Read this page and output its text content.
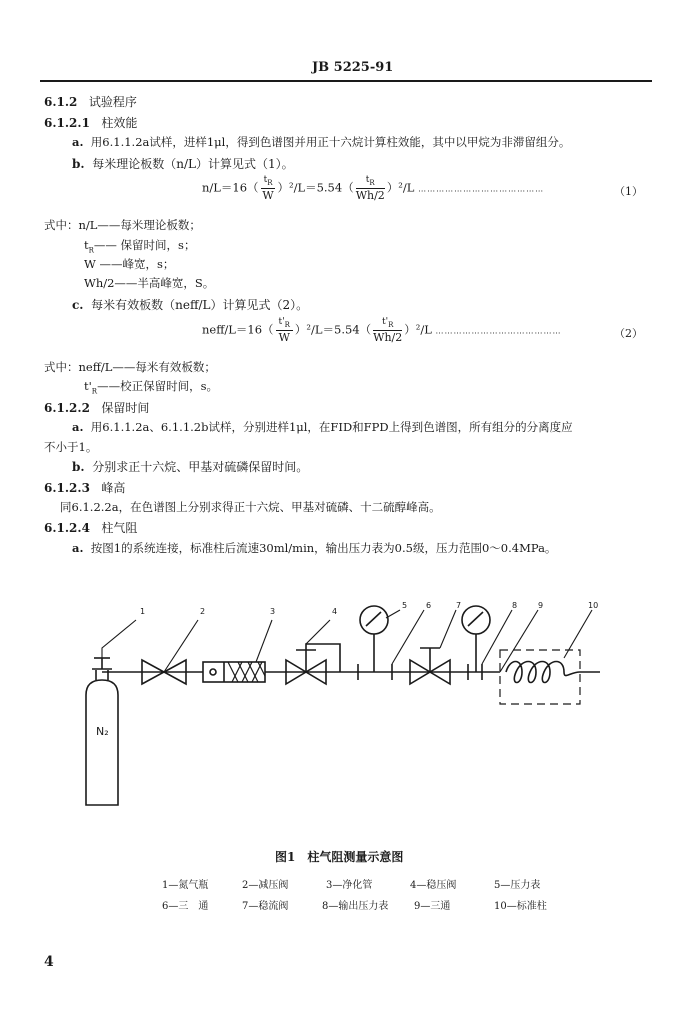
JB 5225-91
6.1.2 试验程序
6.1.2.1 柱效能
a. 用6.1.1.2a试样，进样1μl，得到色谱图并用正十六烷计算柱效能，其中以甲烷为非滞留组分。
b. 每米理论板数（n/L）计算见式（1）。
$n/L=16( \frac{t_R}{W} )^2/L=5.54( \frac{t_R}{Wh/2} )^2/L$ ……………………………………	（1）
式中：n/L——每米理论板数；
$t_R——$ 保留时间，s；
W ——峰宽，s；
Wh/2——半高峰宽，S。
c. 每米有效板数（neff/L）计算见式（2）。
neff/L＝16（ $\frac{t'_R}{W} )^2/L=5.54( \frac{t'_R}{Wh/2} )^2/L$ ……………………………………	（2）
式中：neff/L——每米有效板数；
$t'_R——$校正保留时间，s。
6.1.2.2 保留时间
a. 用6.1.1.2a、6.1.1.2b试样，分别进样1μl，在FID和FPD上得到色谱图，所有组分的分离度应
不小于1。
b. 分别求正十六烷、甲基对硫磷保留时间。
6.1.2.3 峰高
同6.1.2.2a，在色谱图上分别求得正十六烷、甲基对硫磷、十二硫醇峰高。
6.1.2.4 柱气阻
a. 按图1的系统连接，标准柱后流速30ml/min，输出压力表为0.5级，压力范围0～0.4MPa。
N₂
1	2	3	4
5 6	7	8	9	10
图1　柱气阻测量示意图
1—氮气瓶	2—减压阀	3—净化管	4—稳压阀	5—压力表
6—三　通	7—稳流阀	8—输出压力表	9—三通	10—标准柱
4
